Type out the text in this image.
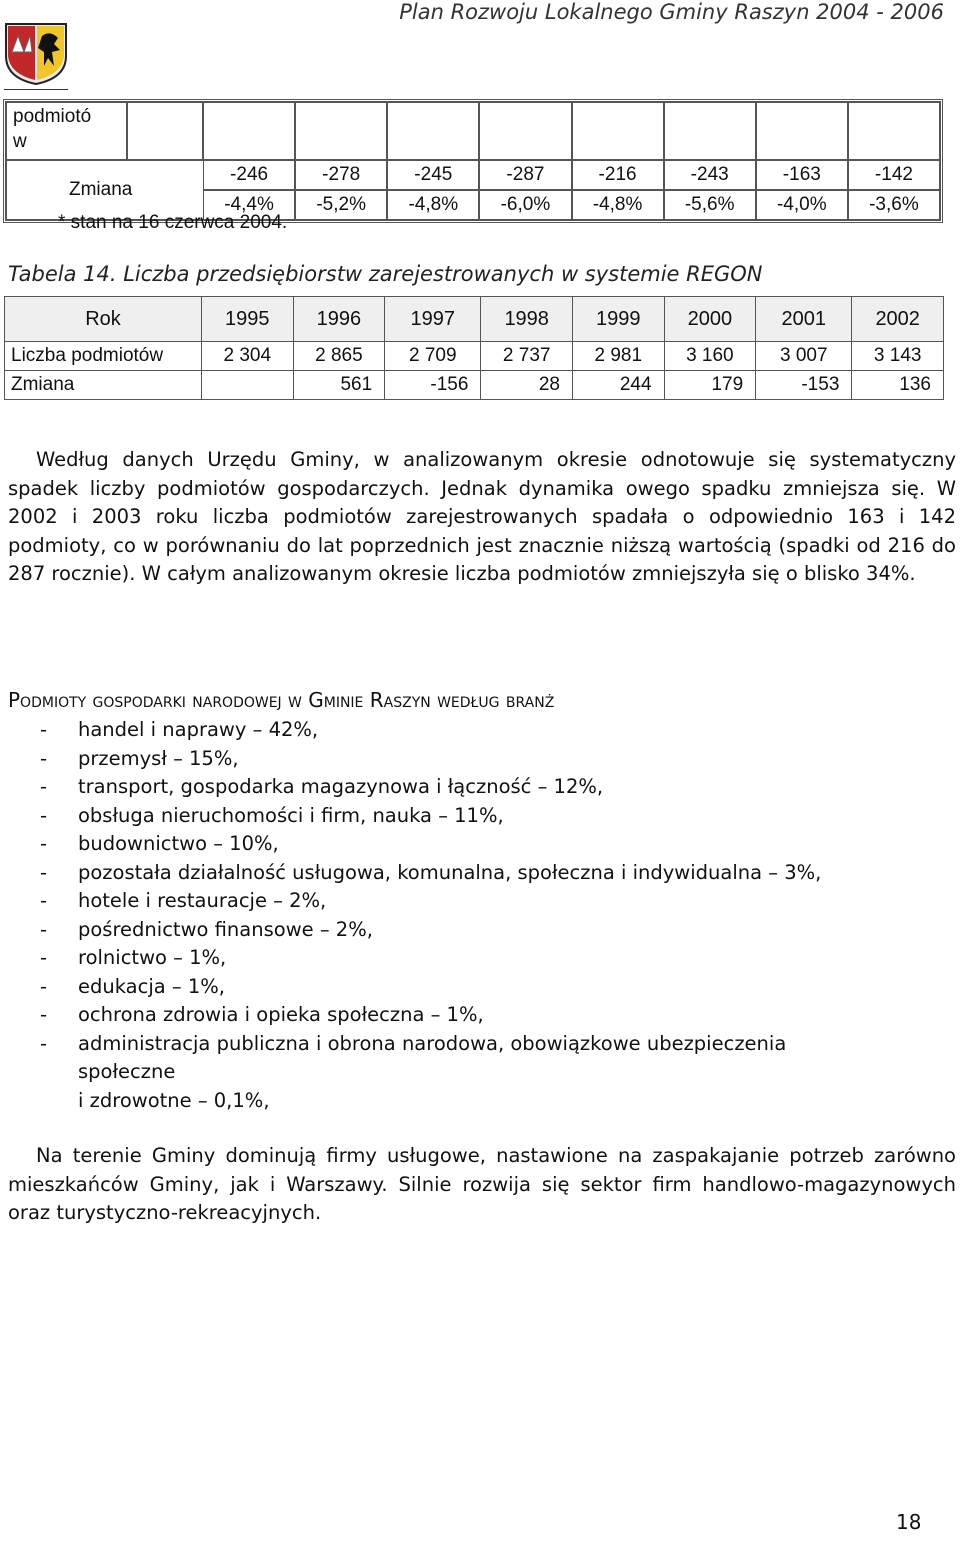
Plan Rozwoju Lokalnego Gminy Raszyn 2004 - 2006
podmiotó
w									
Zmiana		-246	-278	-245	-287	-216	-243	-163	-142
		-4,4%	-5,2%	-4,8%	-6,0%	-4,8%	-5,6%	-4,0%	-3,6%
* stan na 16 czerwca 2004.
Tabela 14. Liczba przedsiębiorstw zarejestrowanych w systemie REGON
Rok	1995	1996	1997	1998	1999	2000	2001	2002
Liczba podmiotów	2 304	2 865	2 709	2 737	2 981	3 160	3 007	3 143
Zmiana		561	-156	28	244	179	-153	136

Według danych Urzędu Gminy, w analizowanym okresie odnotowuje się systematyczny spadek liczby podmiotów gospodarczych. Jednak dynamika owego spadku zmniejsza się. W 2002 i 2003 roku liczba podmiotów zarejestrowanych spadała o odpowiednio 163 i 142 podmioty, co w porównaniu do lat poprzednich jest znacznie niższą wartością (spadki od 216 do 287 rocznie). W całym analizowanym okresie liczba podmiotów zmniejszyła się o blisko 34%.

Podmioty gospodarki narodowej w Gminie Raszyn według branż
- handel i naprawy – 42%,
- przemysł – 15%,
- transport, gospodarka magazynowa i łączność – 12%,
- obsługa nieruchomości i firm, nauka – 11%,
- budownictwo – 10%,
- pozostała działalność usługowa, komunalna, społeczna i indywidualna – 3%,
- hotele i restauracje – 2%,
- pośrednictwo finansowe – 2%,
- rolnictwo – 1%,
- edukacja – 1%,
- ochrona zdrowia i opieka społeczna – 1%,
- administracja publiczna i obrona narodowa, obowiązkowe ubezpieczenia społeczne
i zdrowotne – 0,1%,

Na terenie Gminy dominują firmy usługowe, nastawione na zaspakajanie potrzeb zarówno mieszkańców Gminy, jak i Warszawy. Silnie rozwija się sektor firm handlowo-magazynowych oraz turystyczno-rekreacyjnych.

18
